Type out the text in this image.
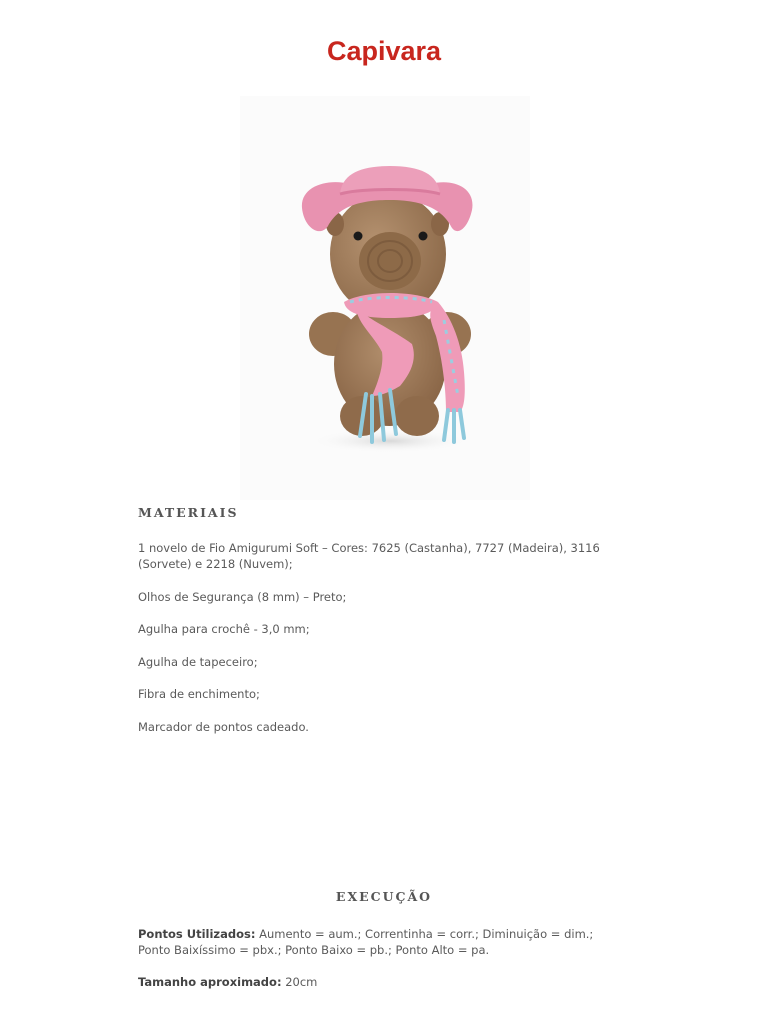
Capivara
MATERIAIS
1 novelo de Fio Amigurumi Soft – Cores: 7625 (Castanha), 7727 (Madeira), 3116 (Sorvete) e 2218 (Nuvem);
Olhos de Segurança (8 mm) – Preto;
Agulha para crochê - 3,0 mm;
Agulha de tapeceiro;
Fibra de enchimento;
Marcador de pontos cadeado.
EXECUÇÃO

Pontos Utilizados: Aumento = aum.; Correntinha = corr.; Diminuição = dim.; Ponto Baixíssimo = pbx.; Ponto Baixo = pb.; Ponto Alto = pa.

Tamanho aproximado: 20cm
